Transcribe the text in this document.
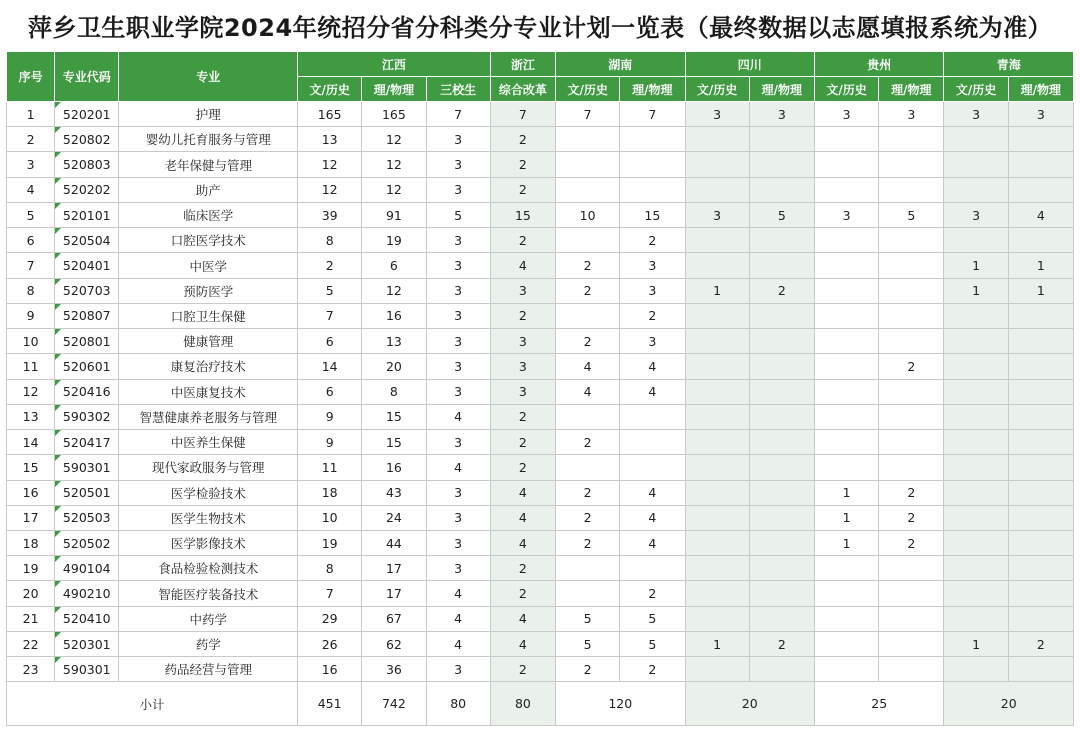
萍乡卫生职业学院2024年统招分省分科类分专业计划一览表（最终数据以志愿填报系统为准）
序号	专业代码	专业	江西			浙江	湖南		四川		贵州		青海	
			文/历史	理/物理	三校生	综合改革	文/历史	理/物理	文/历史	理/物理	文/历史	理/物理	文/历史	理/物理
1	520201	护理	165	165	7	7	7	7	3	3	3	3	3	3
2	520802	婴幼儿托育服务与管理	13	12	3	2								
3	520803	老年保健与管理	12	12	3	2								
4	520202	助产	12	12	3	2								
5	520101	临床医学	39	91	5	15	10	15	3	5	3	5	3	4
6	520504	口腔医学技术	8	19	3	2		2						
7	520401	中医学	2	6	3	4	2	3					1	1
8	520703	预防医学	5	12	3	3	2	3	1	2			1	1
9	520807	口腔卫生保健	7	16	3	2		2						
10	520801	健康管理	6	13	3	3	2	3						
11	520601	康复治疗技术	14	20	3	3	4	4				2		
12	520416	中医康复技术	6	8	3	3	4	4						
13	590302	智慧健康养老服务与管理	9	15	4	2								
14	520417	中医养生保健	9	15	3	2	2							
15	590301	现代家政服务与管理	11	16	4	2								
16	520501	医学检验技术	18	43	3	4	2	4			1	2		
17	520503	医学生物技术	10	24	3	4	2	4			1	2		
18	520502	医学影像技术	19	44	3	4	2	4			1	2		
19	490104	食品检验检测技术	8	17	3	2								
20	490210	智能医疗装备技术	7	17	4	2		2						
21	520410	中药学	29	67	4	4	5	5						
22	520301	药学	26	62	4	4	5	5	1	2			1	2
23	590301	药品经营与管理	16	36	3	2	2	2						
小计			451	742	80	80	120		20		25		20	
